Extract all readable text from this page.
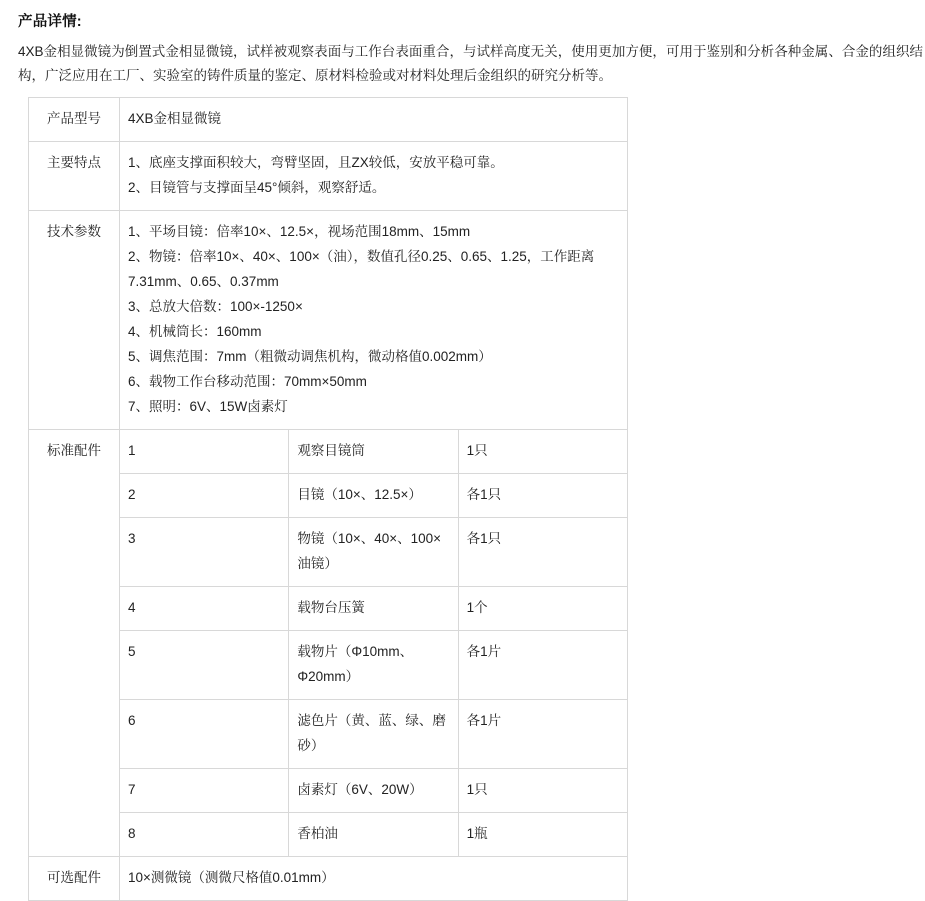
产品详情:

4XB金相显微镜为倒置式金相显微镜，试样被观察表面与工作台表面重合，与试样高度无关，使用更加方便，可用于鉴别和分析各种金属、合金的组织结构，广泛应用在工厂、实验室的铸件质量的鉴定、原材料检验或对材料处理后金组织的研究分析等。

产品型号	4XB金相显微镜		
主要特点	1、底座支撑面积较大，弯臂坚固，且ZX较低，安放平稳可靠。

2、目镜管与支撑面呈45°倾斜，观察舒适。		

技术参数	1、平场目镜：倍率10×、12.5×，视场范围18mm、15mm

2、物镜：倍率10×、40×、100×（油），数值孔径0.25、0.65、1.25，工作距离7.31mm、0.65、0.37mm

3、总放大倍数：100×-1250×

4、机械筒长：160mm

5、调焦范围：7mm（粗微动调焦机构，微动格值0.002mm）

6、载物工作台移动范围：70mm×50mm

7、照明：6V、15W卤素灯

标准配件	1	观察目镜筒	1只
	2	目镜（10×、12.5×）	各1只
	3	物镜（10×、40×、100×油镜）	各1只
	4	载物台压簧	1个
	5	载物片（Φ10mm、Φ20mm）	各1片
	6	滤色片（黄、蓝、绿、磨砂）	各1片
	7	卤素灯（6V、20W）	1只
	8	香柏油	1瓶
可选配件	10×测微镜（测微尺格值0.01mm）		
